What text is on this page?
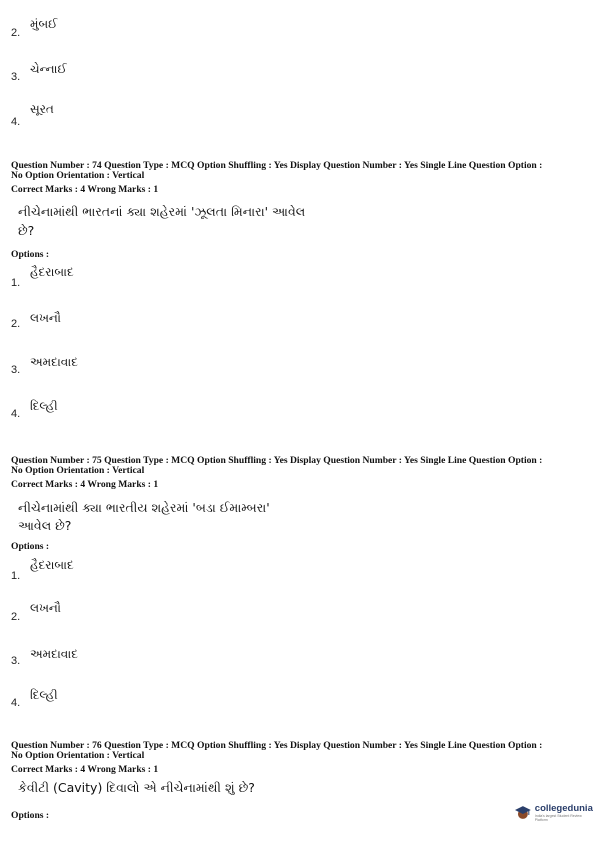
2.
મુંબઈ
3.
ચેન્નાઈ
4.
સૂરત
Question Number : 74 Question Type : MCQ Option Shuffling : Yes Display Question Number : Yes Single Line Question Option :
Correct Marks : 4 Wrong Marks : 1
નીચેનામાંથી ભારતનાં ક્યા શહેરમાં 'ઝૂલતા મિનારા' આવેલ
છે?
Options :
1.
હૈદરાબાદ
2. લખનૌ
3.
અમદાવાદ
4.
દિલ્હી
Question Number : 75 Question Type : MCQ Option Shuffling : Yes Display Question Number : Yes Single Line Question Option :
No Option Orientation : Vertical
Correct Marks : 4 Wrong Marks : 1
નીચેનામાંથી ક્યા ભારતીય શહેરમાં 'બડા ઈમામ્બરા'
આવેલ છે?
Options :
1.
હૈદરાબાદ
2.
લખનૌ
3. અમદાવાદ
4.
દિલ્હી
Question Number : 76 Question Type : MCQ Option Shuffling : Yes Display Question Number : Yes Single Line Question Option :
No Option Orientation : Vertical
Correct Marks : 4 Wrong Marks : 1
કેવીટી (Cavity) દિવાલો એ નીચેનામાંથી શું છે?
Options :
No Option Orientation : Vertical
collegedunia
India's largest Student Review Platform
